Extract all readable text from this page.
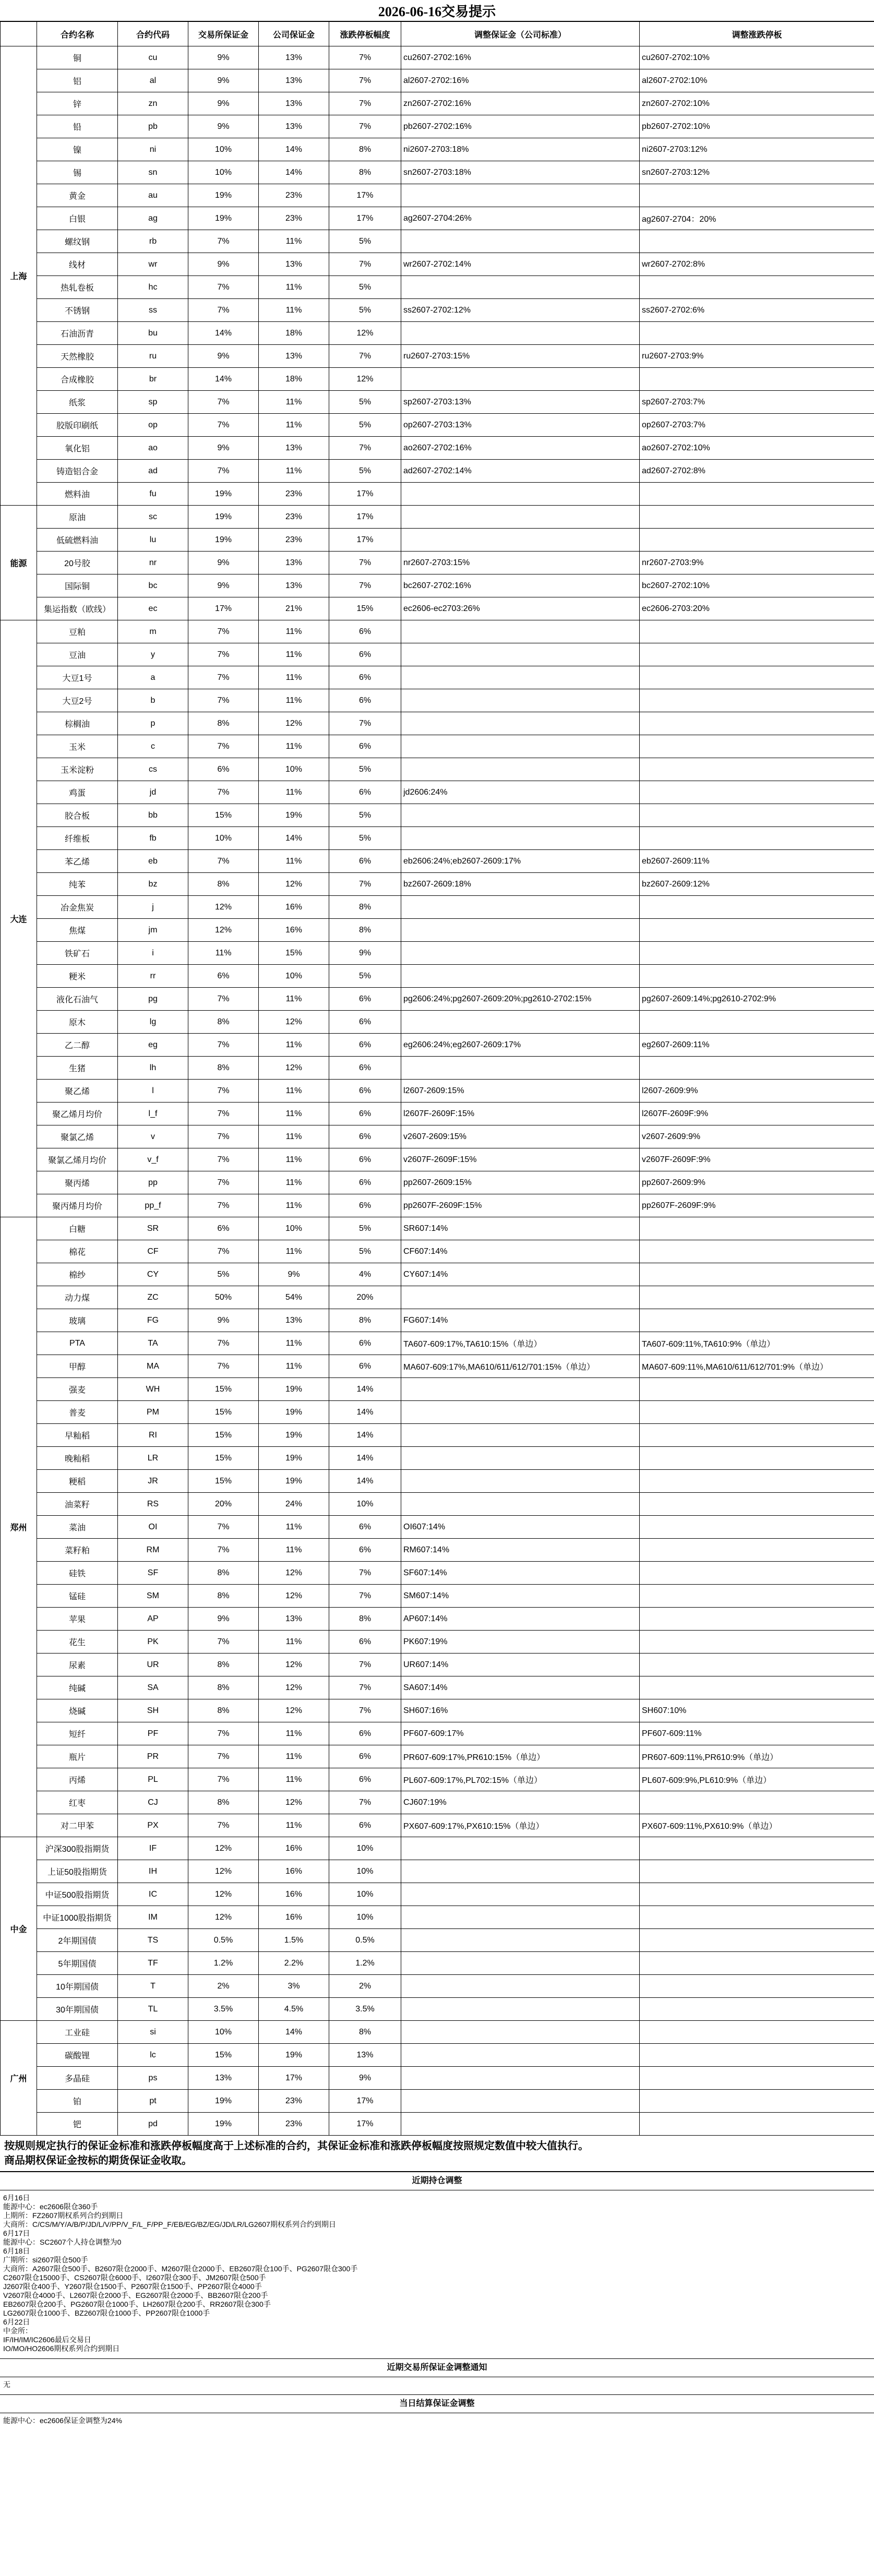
2026-06-16交易提示
	合约名称	合约代码	交易所保证金	公司保证金	涨跌停板幅度	调整保证金（公司标准）	调整涨跌停板
上海	铜	cu	9%	13%	7%	cu2607-2702:16%	cu2607-2702:10%
	铝	al	9%	13%	7%	al2607-2702:16%	al2607-2702:10%
	锌	zn	9%	13%	7%	zn2607-2702:16%	zn2607-2702:10%
	铅	pb	9%	13%	7%	pb2607-2702:16%	pb2607-2702:10%
	镍	ni	10%	14%	8%	ni2607-2703:18%	ni2607-2703:12%
	锡	sn	10%	14%	8%	sn2607-2703:18%	sn2607-2703:12%
	黄金	au	19%	23%	17%		
	白银	ag	19%	23%	17%	ag2607-2704:26%	ag2607-2704：20%
	螺纹钢	rb	7%	11%	5%		
	线材	wr	9%	13%	7%	wr2607-2702:14%	wr2607-2702:8%
	热轧卷板	hc	7%	11%	5%		
	不锈钢	ss	7%	11%	5%	ss2607-2702:12%	ss2607-2702:6%
	石油沥青	bu	14%	18%	12%		
	天然橡胶	ru	9%	13%	7%	ru2607-2703:15%	ru2607-2703:9%
	合成橡胶	br	14%	18%	12%		
	纸浆	sp	7%	11%	5%	sp2607-2703:13%	sp2607-2703:7%
	胶版印刷纸	op	7%	11%	5%	op2607-2703:13%	op2607-2703:7%
	氧化铝	ao	9%	13%	7%	ao2607-2702:16%	ao2607-2702:10%
	铸造铝合金	ad	7%	11%	5%	ad2607-2702:14%	ad2607-2702:8%
	燃料油	fu	19%	23%	17%		
能源	原油	sc	19%	23%	17%		
	低硫燃料油	lu	19%	23%	17%		
	20号胶	nr	9%	13%	7%	nr2607-2703:15%	nr2607-2703:9%
	国际铜	bc	9%	13%	7%	bc2607-2702:16%	bc2607-2702:10%
	集运指数（欧线）	ec	17%	21%	15%	ec2606-ec2703:26%	ec2606-2703:20%
大连	豆粕	m	7%	11%	6%		
	豆油	y	7%	11%	6%		
	大豆1号	a	7%	11%	6%		
	大豆2号	b	7%	11%	6%		
	棕榈油	p	8%	12%	7%		
	玉米	c	7%	11%	6%		
	玉米淀粉	cs	6%	10%	5%		
	鸡蛋	jd	7%	11%	6%	jd2606:24%	
	胶合板	bb	15%	19%	5%		
	纤维板	fb	10%	14%	5%		
	苯乙烯	eb	7%	11%	6%	eb2606:24%;eb2607-2609:17%	eb2607-2609:11%
	纯苯	bz	8%	12%	7%	bz2607-2609:18%	bz2607-2609:12%
	冶金焦炭	j	12%	16%	8%		
	焦煤	jm	12%	16%	8%		
	铁矿石	i	11%	15%	9%		
	粳米	rr	6%	10%	5%		
	液化石油气	pg	7%	11%	6%	pg2606:24%;pg2607-2609:20%;pg2610-2702:15%	pg2607-2609:14%;pg2610-2702:9%
	原木	lg	8%	12%	6%		
	乙二醇	eg	7%	11%	6%	eg2606:24%;eg2607-2609:17%	eg2607-2609:11%
	生猪	lh	8%	12%	6%		
	聚乙烯	l	7%	11%	6%	l2607-2609:15%	l2607-2609:9%
	聚乙烯月均价	l_f	7%	11%	6%	l2607F-2609F:15%	l2607F-2609F:9%
	聚氯乙烯	v	7%	11%	6%	v2607-2609:15%	v2607-2609:9%
	聚氯乙烯月均价	v_f	7%	11%	6%	v2607F-2609F:15%	v2607F-2609F:9%
	聚丙烯	pp	7%	11%	6%	pp2607-2609:15%	pp2607-2609:9%
	聚丙烯月均价	pp_f	7%	11%	6%	pp2607F-2609F:15%	pp2607F-2609F:9%
郑州	白糖	SR	6%	10%	5%	SR607:14%	
	棉花	CF	7%	11%	5%	CF607:14%	
	棉纱	CY	5%	9%	4%	CY607:14%	
	动力煤	ZC	50%	54%	20%		
	玻璃	FG	9%	13%	8%	FG607:14%	
	PTA	TA	7%	11%	6%	TA607-609:17%,TA610:15%（单边）	TA607-609:11%,TA610:9%（单边）
	甲醇	MA	7%	11%	6%	MA607-609:17%,MA610/611/612/701:15%（单边）	MA607-609:11%,MA610/611/612/701:9%（单边）
	强麦	WH	15%	19%	14%		
	普麦	PM	15%	19%	14%		
	早籼稻	RI	15%	19%	14%		
	晚籼稻	LR	15%	19%	14%		
	粳稻	JR	15%	19%	14%		
	油菜籽	RS	20%	24%	10%		
	菜油	OI	7%	11%	6%	OI607:14%	
	菜籽粕	RM	7%	11%	6%	RM607:14%	
	硅铁	SF	8%	12%	7%	SF607:14%	
	锰硅	SM	8%	12%	7%	SM607:14%	
	苹果	AP	9%	13%	8%	AP607:14%	
	花生	PK	7%	11%	6%	PK607:19%	
	尿素	UR	8%	12%	7%	UR607:14%	
	纯碱	SA	8%	12%	7%	SA607:14%	
	烧碱	SH	8%	12%	7%	SH607:16%	SH607:10%
	短纤	PF	7%	11%	6%	PF607-609:17%	PF607-609:11%
	瓶片	PR	7%	11%	6%	PR607-609:17%,PR610:15%（单边）	PR607-609:11%,PR610:9%（单边）
	丙烯	PL	7%	11%	6%	PL607-609:17%,PL702:15%（单边）	PL607-609:9%,PL610:9%（单边）
	红枣	CJ	8%	12%	7%	CJ607:19%	
	对二甲苯	PX	7%	11%	6%	PX607-609:17%,PX610:15%（单边）	PX607-609:11%,PX610:9%（单边）
中金	沪深300股指期货	IF	12%	16%	10%		
	上证50股指期货	IH	12%	16%	10%		
	中证500股指期货	IC	12%	16%	10%		
	中证1000股指期货	IM	12%	16%	10%		
	2年期国债	TS	0.5%	1.5%	0.5%		
	5年期国债	TF	1.2%	2.2%	1.2%		
	10年期国债	T	2%	3%	2%		
	30年期国债	TL	3.5%	4.5%	3.5%		
广州	工业硅	si	10%	14%	8%		
	碳酸锂	lc	15%	19%	13%		
	多晶硅	ps	13%	17%	9%		
	铂	pt	19%	23%	17%		
	钯	pd	19%	23%	17%		
按规则规定执行的保证金标准和涨跌停板幅度高于上述标准的合约，其保证金标准和涨跌停板幅度按照规定数值中较大值执行。
商品期权保证金按标的期货保证金收取。
近期持仓调整
6月16日
能源中心：ec2606限仓360手
上期所：FZ2607期权系列合约到期日
大商所：C/CS/M/Y/A/B/P/JD/L/V/PP/V_F/L_F/PP_F/EB/EG/BZ/EG/JD/LR/LG2607期权系列合约到期日
6月17日
能源中心：SC2607个人持仓调整为0
6月18日
广期所：si2607限仓500手
大商所：A2607限仓500手、B2607限仓2000手、M2607限仓2000手、EB2607限仓100手、PG2607限仓300手
C2607限仓15000手、CS2607限仓6000手、I2607限仓300手、JM2607限仓500手
J2607限仓400手、Y2607限仓1500手、P2607限仓1500手、PP2607限仓4000手
V2607限仓4000手、L2607限仓2000手、EG2607限仓2000手、BB2607限仓200手
EB2607限仓200手、PG2607限仓1000手、LH2607限仓200手、RR2607限仓300手
LG2607限仓1000手、BZ2607限仓1000手、PP2607限仓1000手
6月22日
中金所：
IF/IH/IM/IC2606最后交易日
IO/MO/HO2606期权系列合约到期日
近期交易所保证金调整通知
无
当日结算保证金调整
能源中心：ec2606保证金调整为24%
